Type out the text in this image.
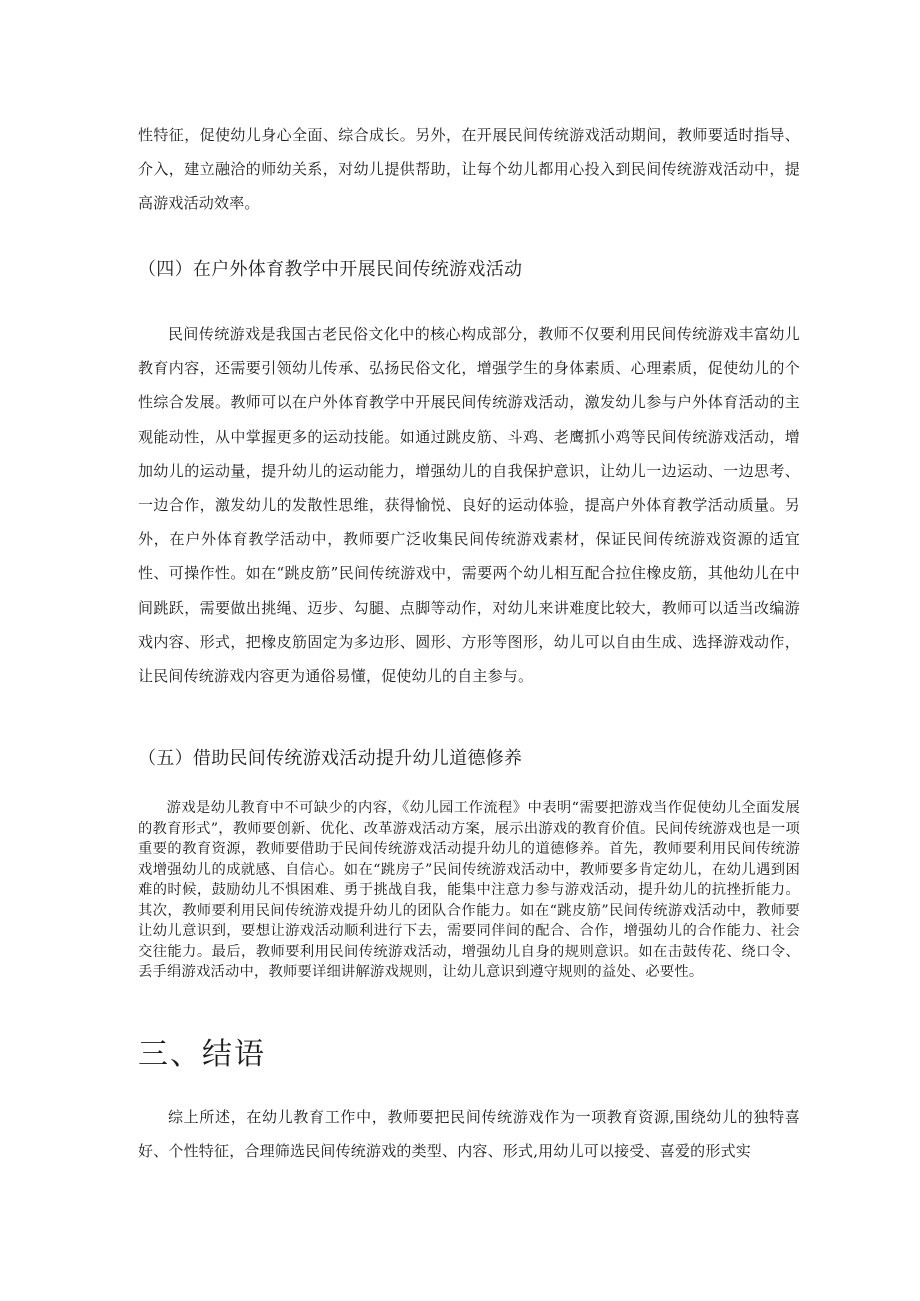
性特征，促使幼儿身心全面、综合成长。另外，在开展民间传统游戏活动期间，教师要适时指导、介入，建立融洽的师幼关系，对幼儿提供帮助，让每个幼儿都用心投入到民间传统游戏活动中，提高游戏活动效率。

（四）在户外体育教学中开展民间传统游戏活动

民间传统游戏是我国古老民俗文化中的核心构成部分，教师不仅要利用民间传统游戏丰富幼儿教育内容，还需要引领幼儿传承、弘扬民俗文化，增强学生的身体素质、心理素质，促使幼儿的个性综合发展。教师可以在户外体育教学中开展民间传统游戏活动，激发幼儿参与户外体育活动的主观能动性，从中掌握更多的运动技能。如通过跳皮筋、斗鸡、老鹰抓小鸡等民间传统游戏活动，增加幼儿的运动量，提升幼儿的运动能力，增强幼儿的自我保护意识，让幼儿一边运动、一边思考、一边合作，激发幼儿的发散性思维，获得愉悦、良好的运动体验，提高户外体育教学活动质量。另外，在户外体育教学活动中，教师要广泛收集民间传统游戏素材，保证民间传统游戏资源的适宜性、可操作性。如在“跳皮筋”民间传统游戏中，需要两个幼儿相互配合拉住橡皮筋，其他幼儿在中间跳跃，需要做出挑绳、迈步、勾腿、点脚等动作，对幼儿来讲难度比较大，教师可以适当改编游戏内容、形式，把橡皮筋固定为多边形、圆形、方形等图形，幼儿可以自由生成、选择游戏动作，让民间传统游戏内容更为通俗易懂，促使幼儿的自主参与。

（五）借助民间传统游戏活动提升幼儿道德修养

游戏是幼儿教育中不可缺少的内容，《幼儿园工作流程》中表明“需要把游戏当作促使幼儿全面发展的教育形式”，教师要创新、优化、改革游戏活动方案，展示出游戏的教育价值。民间传统游戏也是一项重要的教育资源，教师要借助于民间传统游戏活动提升幼儿的道德修养。首先，教师要利用民间传统游戏增强幼儿的成就感、自信心。如在“跳房子”民间传统游戏活动中，教师要多肯定幼儿，在幼儿遇到困难的时候，鼓励幼儿不惧困难、勇于挑战自我，能集中注意力参与游戏活动，提升幼儿的抗挫折能力。其次，教师要利用民间传统游戏提升幼儿的团队合作能力。如在“跳皮筋”民间传统游戏活动中，教师要让幼儿意识到，要想让游戏活动顺利进行下去，需要同伴间的配合、合作，增强幼儿的合作能力、社会交往能力。最后，教师要利用民间传统游戏活动，增强幼儿自身的规则意识。如在击鼓传花、绕口令、丢手绢游戏活动中，教师要详细讲解游戏规则，让幼儿意识到遵守规则的益处、必要性。

三、结语

综上所述，在幼儿教育工作中，教师要把民间传统游戏作为一项教育资源,围绕幼儿的独特喜好、个性特征，合理筛选民间传统游戏的类型、内容、形式,用幼儿可以接受、喜爱的形式实
